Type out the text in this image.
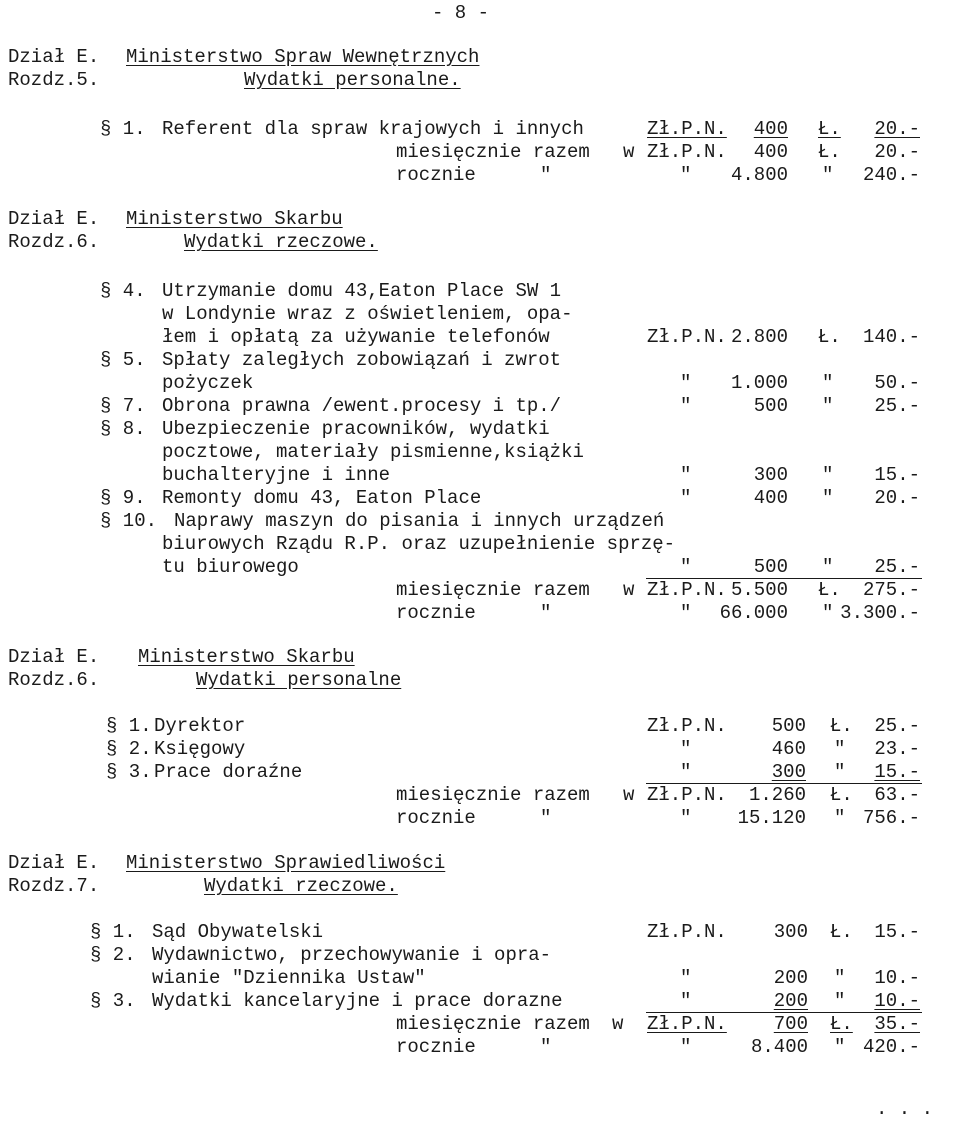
- 8 -
Dział E.
Rozdz.5.
Ministerstwo Spraw Wewnętrznych
Wydatki personalne.
§ 1. Referent dla spraw krajowych i innych	Zł.P.N.	400 Ł.	20.-
miesięcznie razem w Zł.P.N.	400 Ł.	20.-
rocznie	"	"	4.800 "	240.-
Dział E.
Rozdz.6.
Ministerstwo Skarbu
Wydatki rzeczowe.
§ 4. Utrzymanie domu 43,Eaton Place SW 1
w Londynie wraz z oświetleniem, opa-
łem i opłatą za używanie telefonów	Zł.P.N. 2.800 Ł.	140.-
§ 5. Spłaty zaległych zobowiązań i zwrot
pożyczek	"	1.000 "	50.-
§ 7. Obrona prawna /ewent.procesy i tp./	"	500 "	25.-
§ 8. Ubezpieczenie pracowników, wydatki
pocztowe, materiały pismienne,książki
buchalteryjne i inne	"	300 "	15.-
§ 9. Remonty domu 43, Eaton Place	"	400 "	20.-
§ 10. Naprawy maszyn do pisania i innych urządzeń
biurowych Rządu R.P. oraz uzupełnienie sprzę-
tu biurowego	"	500 "	25.-
miesięcznie razem w Zł.P.N. 5.500 Ł.	275.-
rocznie	"	" 66.000 " 3.300.-
Dział E.
Rozdz.6.
Ministerstwo Skarbu
Wydatki personalne
§ 1. Dyrektor	Zł.P.N.	500 Ł.	25.-
§ 2. Księgowy	"	460 "	23.-
§ 3. Prace doraźne	"	300 "	15.-
miesięcznie razem w Zł.P.N.	1.260 Ł.	63.-
rocznie	"	" 15.120 " 756.-
Dział E.
Rozdz.7.
Ministerstwo Sprawiedliwości
Wydatki rzeczowe.
§ 1. Sąd Obywatelski	Zł.P.N.	300 Ł.	15.-
§ 2. Wydawnictwo, przechowywanie i opra-
wianie "Dziennika Ustaw"	"	200 "	10.-
§ 3. Wydatki kancelaryjne i prace dorazne	"	200 "	10.-
miesięcznie razem w Zł.P.N.	700 Ł.	35.-
rocznie	"	"	8.400 " 420.-
. . .
